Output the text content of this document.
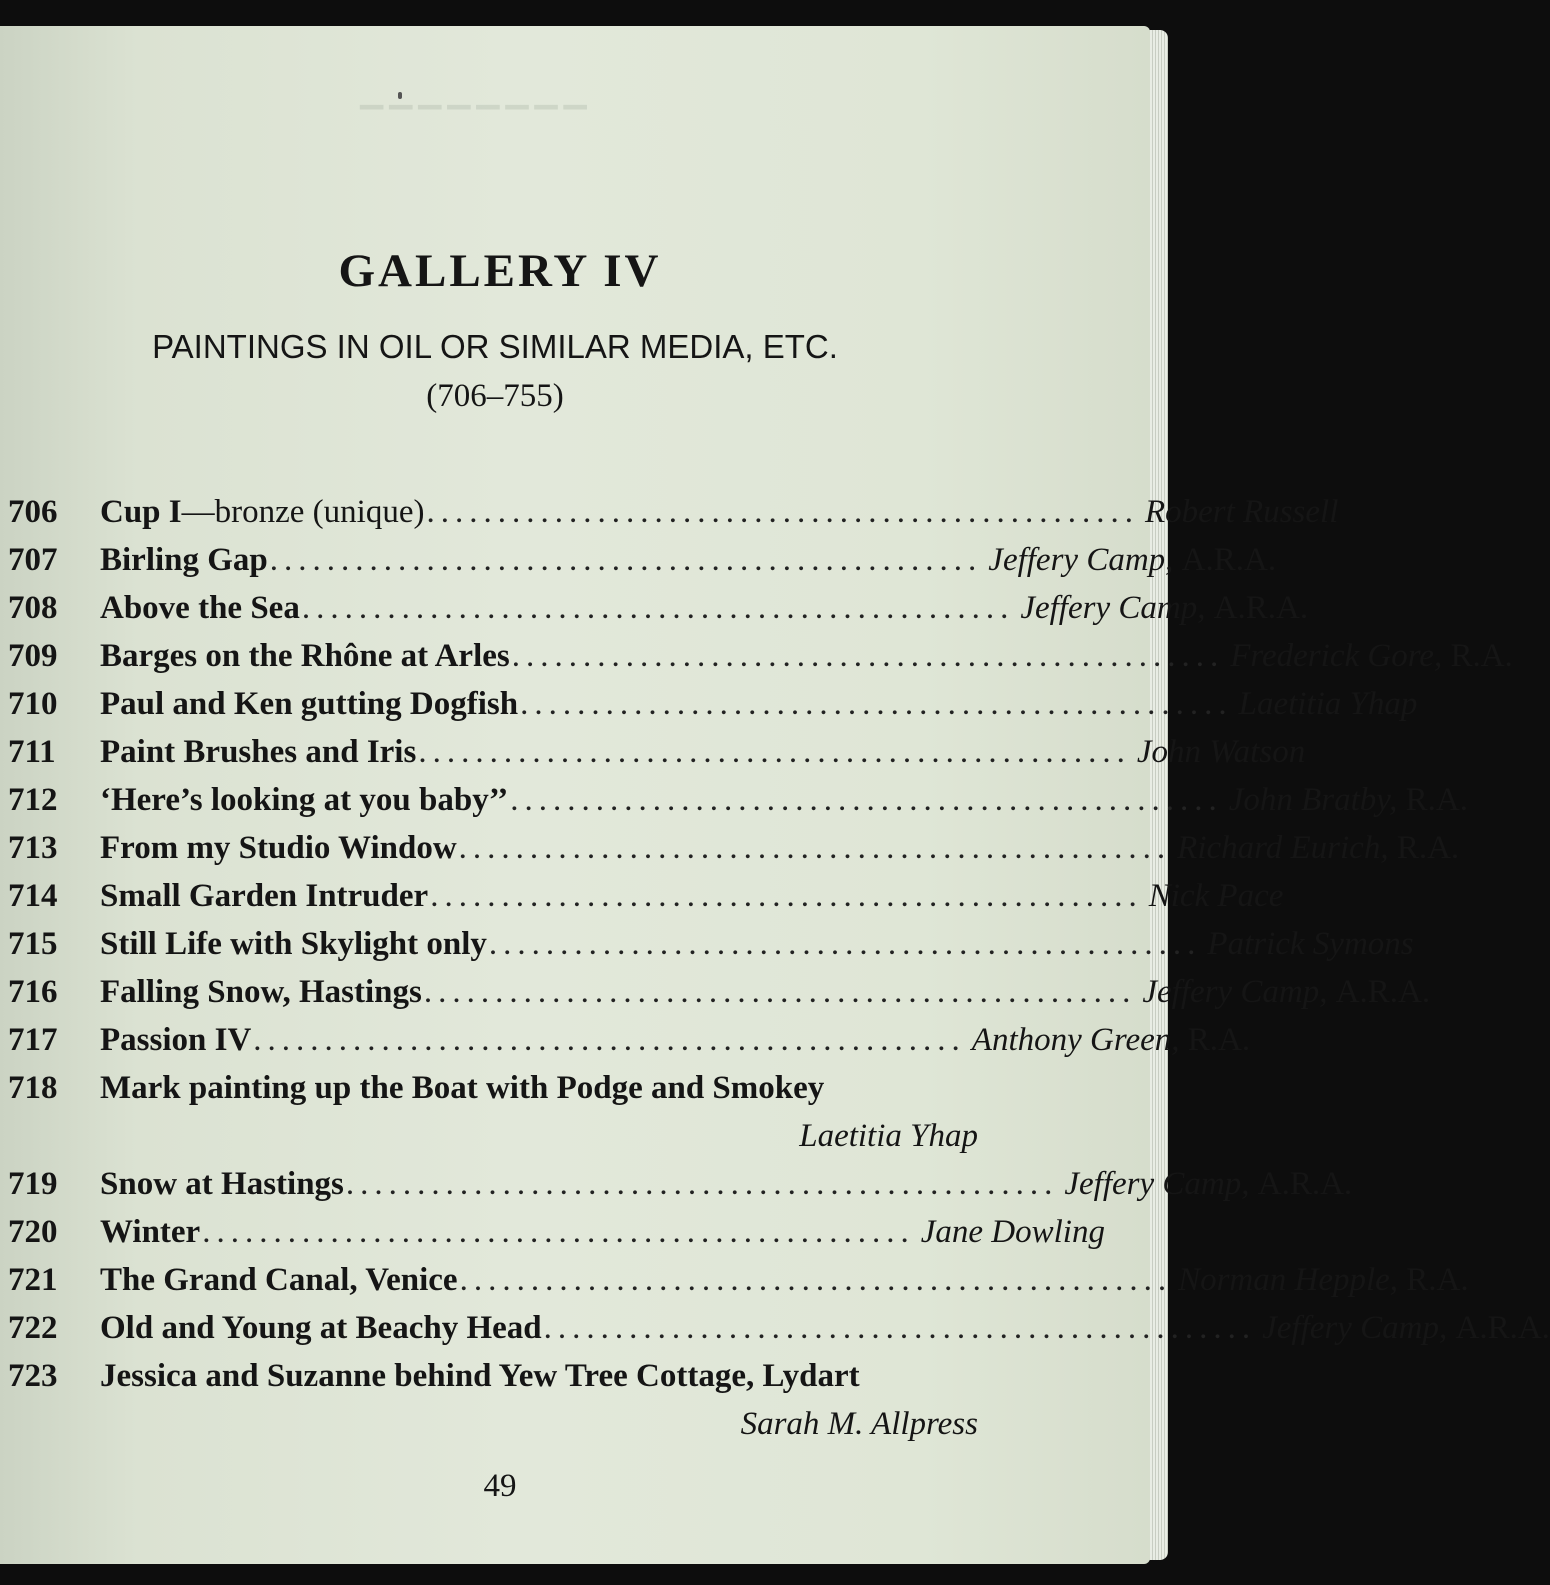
▔▔▔▔▔▔▔▔
GALLERY IV
PAINTINGS IN OIL OR SIMILAR MEDIA, ETC.
(706–755)
706 Cup I —bronze (unique) .................................................. Robert Russell
707 Birling Gap .................................................. Jeffery Camp,
A.R.A.
708 Above the Sea .................................................. Jeffery Camp,
A.R.A.
709 Barges on the Rhône at Arles .................................................. Frederick Gore,
R.A.
710 Paul and Ken gutting Dogfish .................................................. Laetitia Yhap
711 Paint Brushes and Iris .................................................. John Watson
712 ‘Here’s looking at you baby’’ .................................................. John Bratby,
R.A.
713 From my Studio Window .................................................. Richard Eurich,
R.A.
714 Small Garden Intruder .................................................. Nick Pace
715 Still Life with Skylight only .................................................. Patrick Symons
716 Falling Snow, Hastings .................................................. Jeffery Camp,
A.R.A.
717 Passion IV .................................................. Anthony Green,
R.A.
718 Mark painting up the Boat with Podge and Smokey
Laetitia Yhap
719 Snow at Hastings .................................................. Jeffery Camp,
A.R.A.
720 Winter .................................................. Jane Dowling
721 The Grand Canal, Venice .................................................. Norman Hepple,
R.A.
722 Old and Young at Beachy Head .................................................. Jeffery Camp,
A.R.A.
723 Jessica and Suzanne behind Yew Tree Cottage, Lydart
Sarah M. Allpress
49
